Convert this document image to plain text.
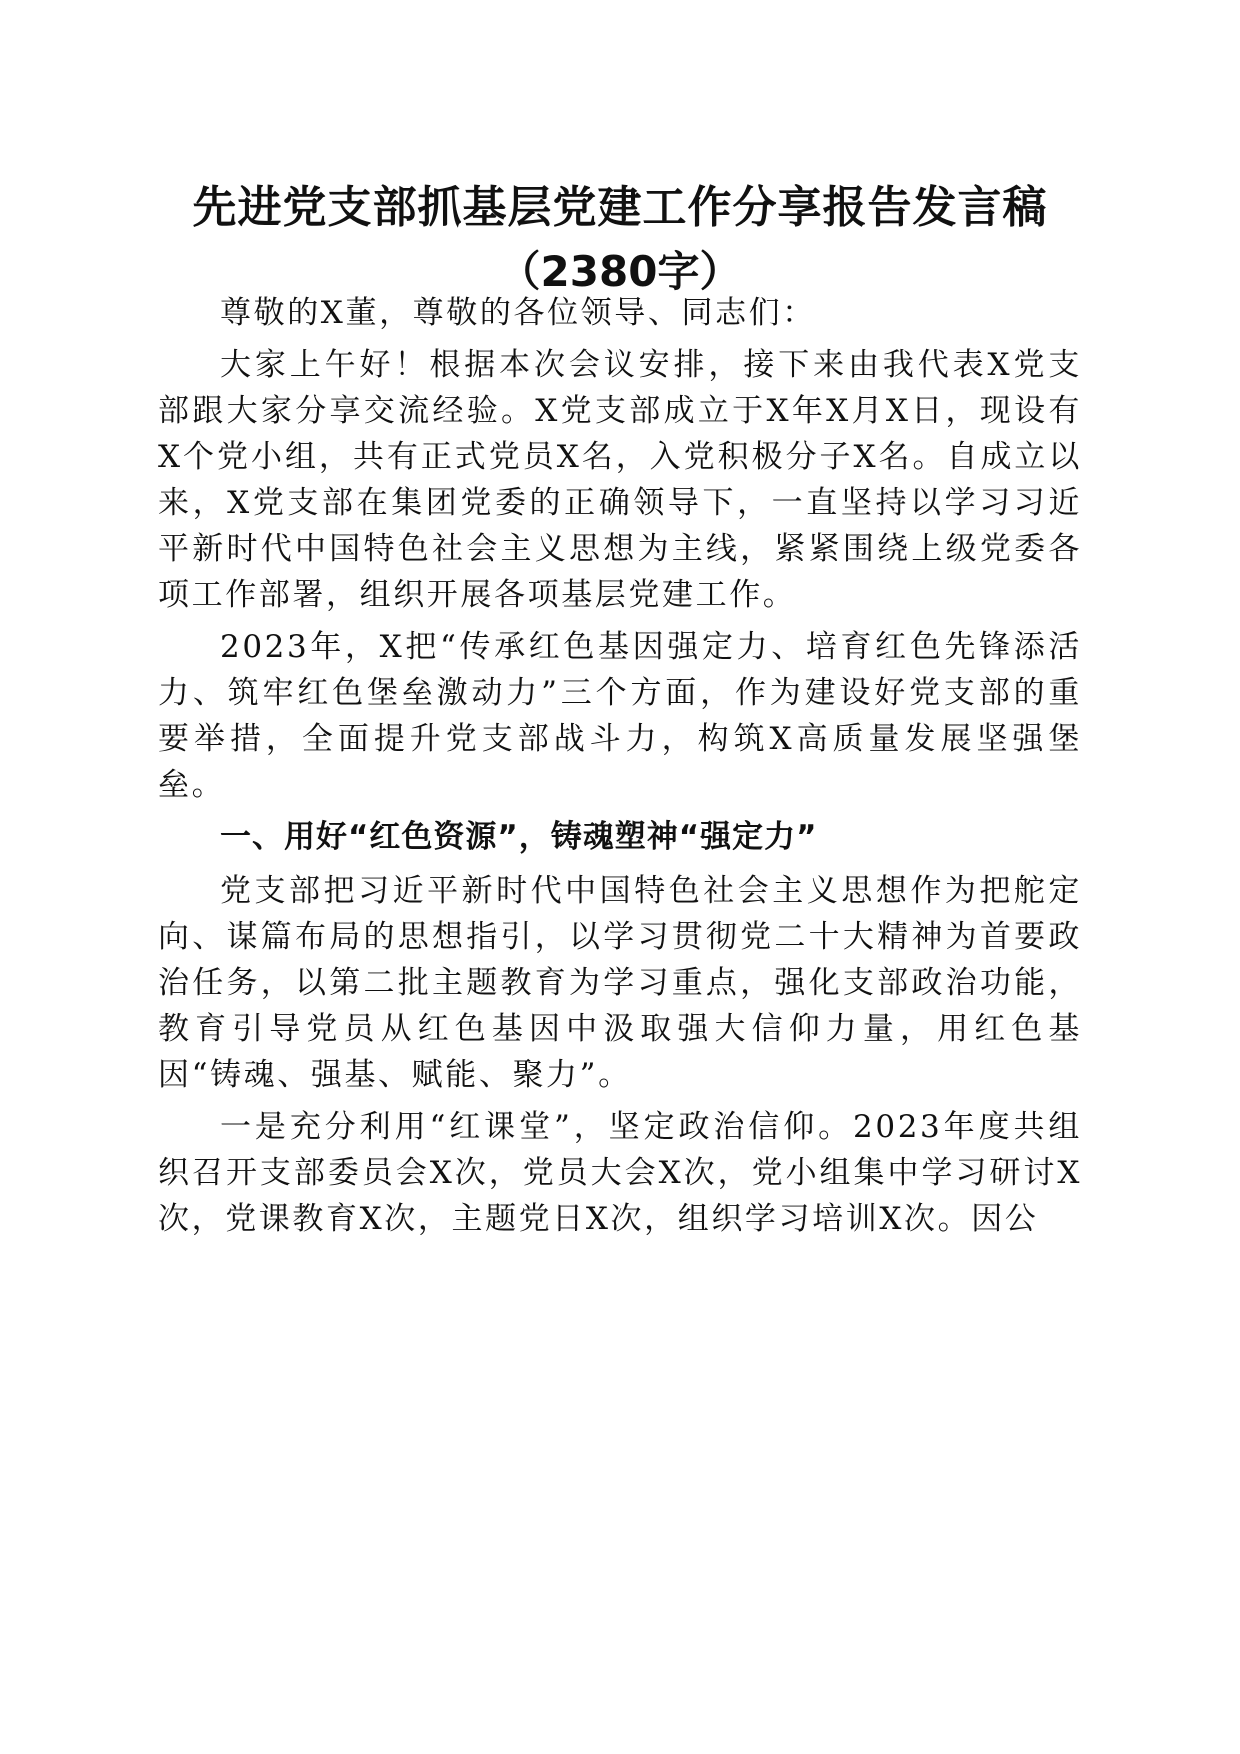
先进党支部抓基层党建工作分享报告发言稿
（2380字）

尊敬的X董，尊敬的各位领导、同志们：

大家上午好！根据本次会议安排，接下来由我代表X党支部跟大家分享交流经验。X党支部成立于X年X月X日，现设有X个党小组，共有正式党员X名，入党积极分子X名。自成立以来，X党支部在集团党委的正确领导下，一直坚持以学习习近平新时代中国特色社会主义思想为主线，紧紧围绕上级党委各项工作部署，组织开展各项基层党建工作。

2023年，X把“传承红色基因强定力、培育红色先锋添活力、筑牢红色堡垒激动力”三个方面，作为建设好党支部的重要举措，全面提升党支部战斗力，构筑X高质量发展坚强堡垒。

一、用好“红色资源”，铸魂塑神“强定力”

党支部把习近平新时代中国特色社会主义思想作为把舵定向、谋篇布局的思想指引，以学习贯彻党二十大精神为首要政治任务，以第二批主题教育为学习重点，强化支部政治功能，教育引导党员从红色基因中汲取强大信仰力量，用红色基因“铸魂、强基、赋能、聚力”。

一是充分利用“红课堂”，坚定政治信仰。2023年度共组织召开支部委员会X次，党员大会X次，党小组集中学习研讨X次，党课教育X次，主题党日X次，组织学习培训X次。因公
